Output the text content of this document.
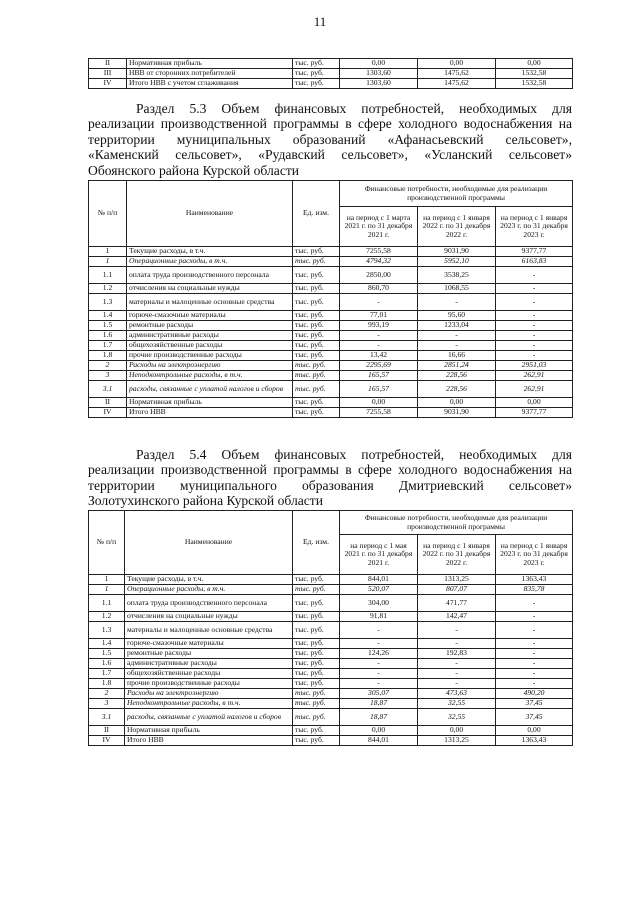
11
II	Нормативная прибыль	тыс. руб.	0,00	0,00	0,00
III	НВВ от сторонних потребителей	тыс. руб.	1303,60	1475,62	1532,58
IV	Итого НВВ с учетом сглаживания	тыс. руб.	1303,60	1475,62	1532,58
Раздел 5.3 Объем финансовых потребностей, необходимых для
реализации производственной программы в сфере холодного водоснабжения на
территории муниципальных образований «Афанасьевский сельсовет»,
«Каменский сельсовет», «Рудавский сельсовет», «Усланский сельсовет»
Обоянского района Курской области
№ п/п	Наименование	Ед. изм.	Финансовые потребности, необходимые для реализации производственной программы		
			на период с 1 марта 2021 г. по 31 декабря 2021 г.	на период с 1 января 2022 г. по 31 декабря 2022 г.	на период с 1 января 2023 г. по 31 декабря 2023 г.
1	Текущие расходы, в т.ч.	тыс. руб.	7255,58	9031,90	9377,77
1	Операционные расходы, в т.ч.	тыс. руб.	4794,32	5952,10	6163,83
1.1	оплата труда производственного персонала	тыс. руб.	2850,00	3538,25	-
1.2	отчисления на социальные нужды	тыс. руб.	860,70	1068,55	-
1.3	материалы и малоценные основные средства	тыс. руб.	-	-	-
1.4	горюче-смазочные материалы	тыс. руб.	77,01	95,60	-
1.5	ремонтные расходы	тыс. руб.	993,19	1233,04	-
1.6	административные расходы	тыс. руб.	-	-	-
1.7	общехозяйственные расходы	тыс. руб.	-	-	-
1.8	прочие производственные расходы	тыс. руб.	13,42	16,66	-
2	Расходы на электроэнергию	тыс. руб.	2295,69	2851,24	2951,03
3	Неподконтрольные расходы, в т.ч.	тыс. руб.	165,57	228,56	262,91
3.1	расходы, связанные с уплатой налогов и сборов	тыс. руб.	165,57	228,56	262,91
II	Нормативная прибыль	тыс. руб.	0,00	0,00	0,00
IV	Итого НВВ	тыс. руб.	7255,58	9031,90	9377,77
Раздел 5.4 Объем финансовых потребностей, необходимых для
реализации производственной программы в сфере холодного водоснабжения на
территории муниципального образования Дмитриевский сельсовет»
Золотухинского района Курской области
№ п/п	Наименование	Ед. изм.	Финансовые потребности, необходимые для реализации производственной программы		
			на период с 1 мая 2021 г. по 31 декабря 2021 г.	на период с 1 января 2022 г. по 31 декабря 2022 г.	на период с 1 января 2023 г. по 31 декабря 2023 г.
1	Текущие расходы, в т.ч.	тыс. руб.	844,01	1313,25	1363,43
1	Операционные расходы, в т.ч.	тыс. руб.	520,07	807,07	835,78
1.1	оплата труда производственного персонала	тыс. руб.	304,00	471,77	-
1.2	отчисления на социальные нужды	тыс. руб.	91,81	142,47	-
1.3	материалы и малоценные основные средства	тыс. руб.	-	-	-
1.4	горюче-смазочные материалы	тыс. руб.	-	-	-
1.5	ремонтные расходы	тыс. руб.	124,26	192,83	-
1.6	административные расходы	тыс. руб.	-	-	-
1.7	общехозяйственные расходы	тыс. руб.	-	-	-
1.8	прочие производственные расходы	тыс. руб.	-	-	-
2	Расходы на электроэнергию	тыс. руб.	305,07	473,63	490,20
3	Неподконтрольные расходы, в т.ч.	тыс. руб.	18,87	32,55	37,45
3.1	расходы, связанные с уплатой налогов и сборов	тыс. руб.	18,87	32,55	37,45
II	Нормативная прибыль	тыс. руб.	0,00	0,00	0,00
IV	Итого НВВ	тыс. руб.	844,01	1313,25	1363,43
